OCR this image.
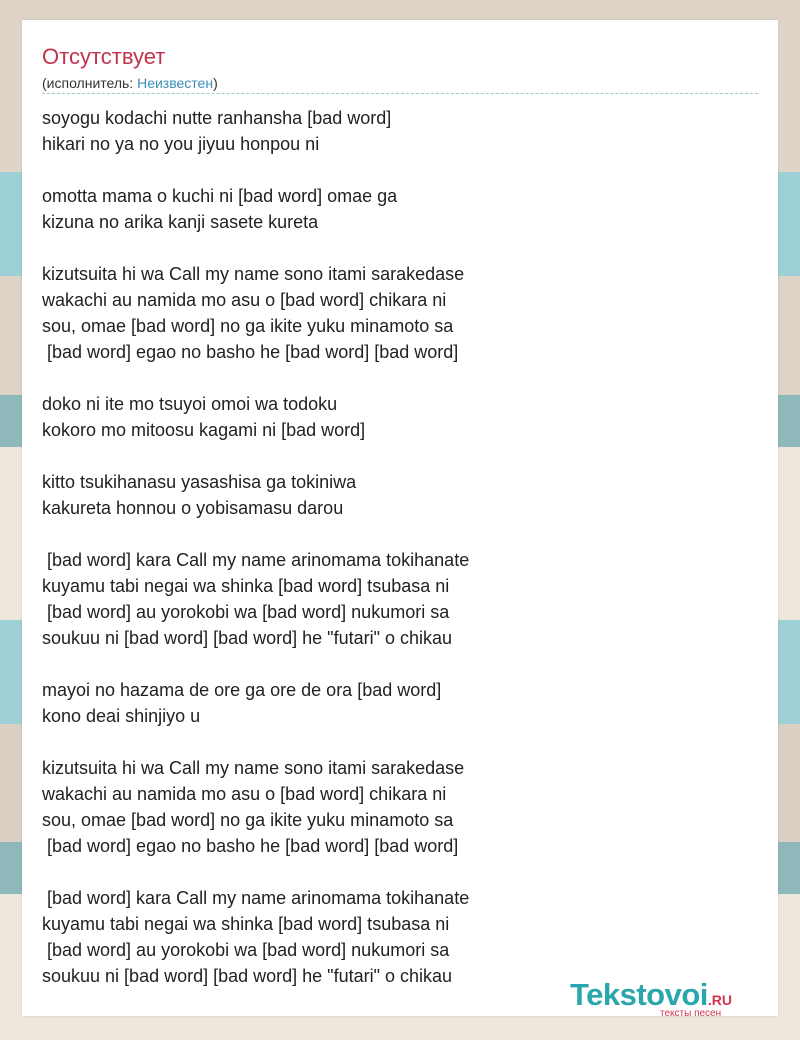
Отсутствует
(исполнитель: Неизвестен)
soyogu kodachi nutte ranhansha [bad word]
hikari no ya no you jiyuu honpou ni
omotta mama o kuchi ni [bad word] omae ga
kizuna no arika kanji sasete kureta
kizutsuita hi wa Call my name sono itami sarakedase
wakachi au namida mo asu o [bad word] chikara ni
sou, omae [bad word] no ga ikite yuku minamoto sa
[bad word] egao no basho he [bad word] [bad word]
doko ni ite mo tsuyoi omoi wa todoku
kokoro mo mitoosu kagami ni [bad word]
kitto tsukihanasu yasashisa ga tokiniwa
kakureta honnou o yobisamasu darou
[bad word] kara Call my name arinomama tokihanate
kuyamu tabi negai wa shinka [bad word] tsubasa ni
[bad word] au yorokobi wa [bad word] nukumori sa
soukuu ni [bad word] [bad word] he "futari" o chikau
mayoi no hazama de ore ga ore de ora [bad word]
kono deai shinjiyo u
kizutsuita hi wa Call my name sono itami sarakedase
wakachi au namida mo asu o [bad word] chikara ni
sou, omae [bad word] no ga ikite yuku minamoto sa
[bad word] egao no basho he [bad word] [bad word]
[bad word] kara Call my name arinomama tokihanate
kuyamu tabi negai wa shinka [bad word] tsubasa ni
[bad word] au yorokobi wa [bad word] nukumori sa
soukuu ni [bad word] [bad word] he "futari" o chikau
Tekstovoi.RU
тексты песен
